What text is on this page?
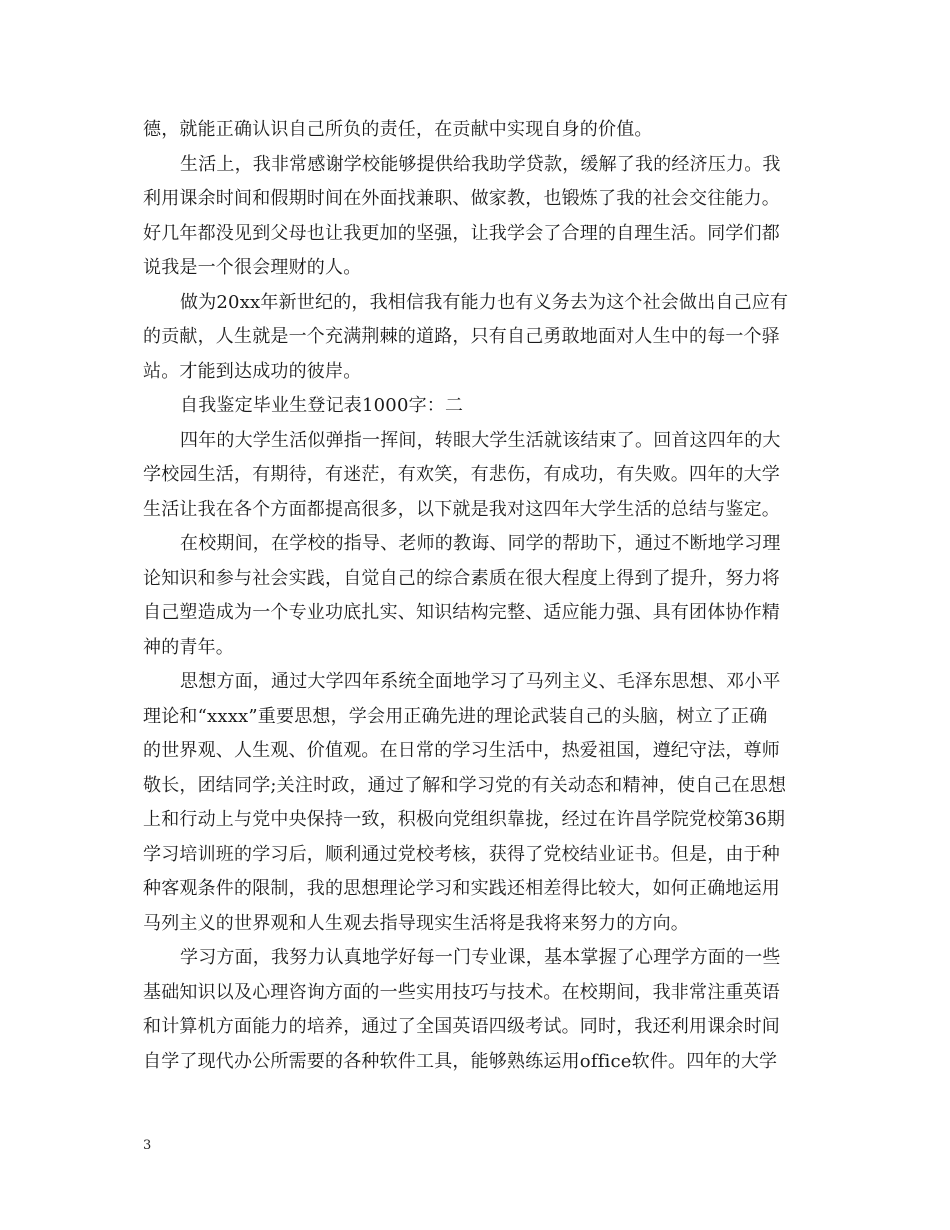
德，就能正确认识自己所负的责任，在贡献中实现自身的价值。
生活上，我非常感谢学校能够提供给我助学贷款，缓解了我的经济压力。我
利用课余时间和假期时间在外面找兼职、做家教，也锻炼了我的社会交往能力。
好几年都没见到父母也让我更加的坚强，让我学会了合理的自理生活。同学们都
说我是一个很会理财的人。
做为20xx年新世纪的，我相信我有能力也有义务去为这个社会做出自己应有
的贡献，人生就是一个充满荆棘的道路，只有自己勇敢地面对人生中的每一个驿
站。才能到达成功的彼岸。
自我鉴定毕业生登记表1000字：二
四年的大学生活似弹指一挥间，转眼大学生活就该结束了。回首这四年的大
学校园生活，有期待，有迷茫，有欢笑，有悲伤，有成功，有失败。四年的大学
生活让我在各个方面都提高很多，以下就是我对这四年大学生活的总结与鉴定。
在校期间，在学校的指导、老师的教诲、同学的帮助下，通过不断地学习理
论知识和参与社会实践，自觉自己的综合素质在很大程度上得到了提升，努力将
自己塑造成为一个专业功底扎实、知识结构完整、适应能力强、具有团体协作精
神的青年。
思想方面，通过大学四年系统全面地学习了马列主义、毛泽东思想、邓小平
理论和“xxxx”重要思想，学会用正确先进的理论武装自己的头脑，树立了正确
的世界观、人生观、价值观。在日常的学习生活中，热爱祖国，遵纪守法，尊师
敬长，团结同学;关注时政，通过了解和学习党的有关动态和精神，使自己在思想
上和行动上与党中央保持一致，积极向党组织靠拢，经过在许昌学院党校第36期
学习培训班的学习后，顺利通过党校考核，获得了党校结业证书。但是，由于种
种客观条件的限制，我的思想理论学习和实践还相差得比较大，如何正确地运用
马列主义的世界观和人生观去指导现实生活将是我将来努力的方向。
学习方面，我努力认真地学好每一门专业课，基本掌握了心理学方面的一些
基础知识以及心理咨询方面的一些实用技巧与技术。在校期间，我非常注重英语
和计算机方面能力的培养，通过了全国英语四级考试。同时，我还利用课余时间
自学了现代办公所需要的各种软件工具，能够熟练运用office软件。四年的大学
3
